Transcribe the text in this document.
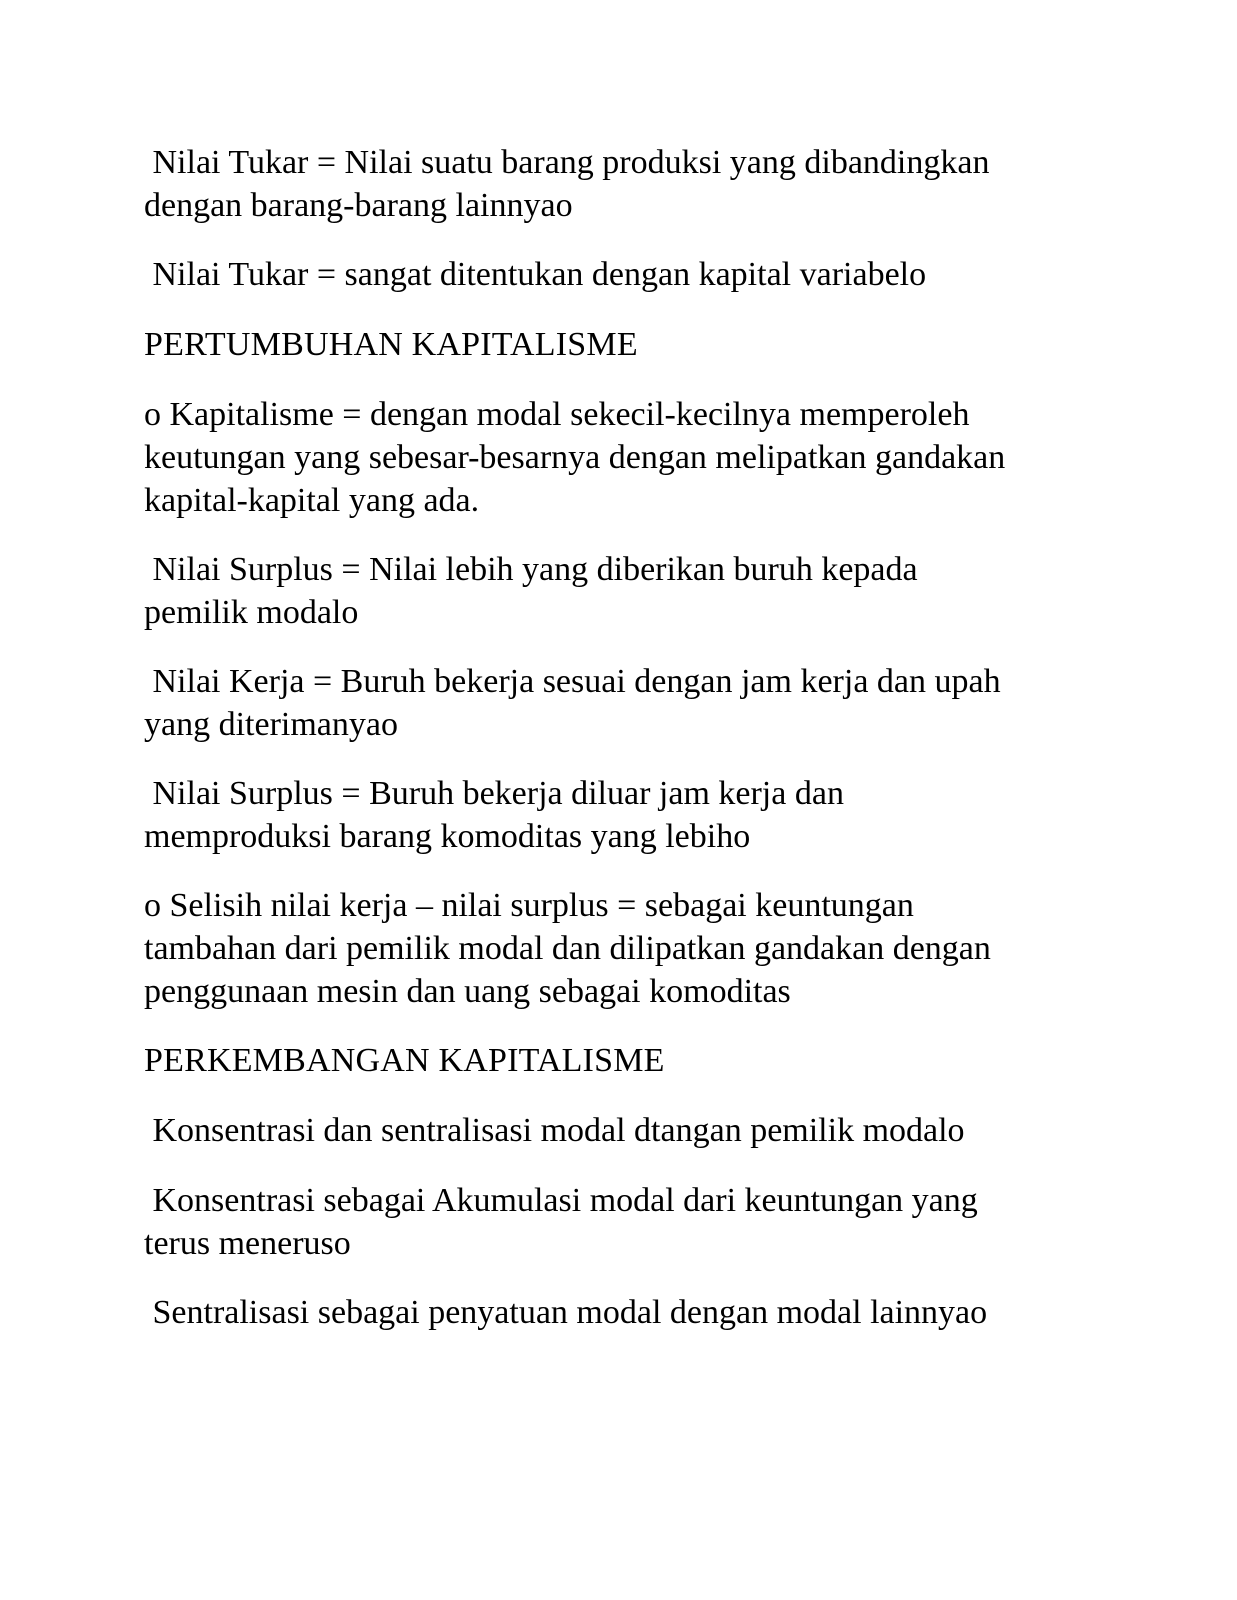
Nilai Tukar = Nilai suatu barang produksi yang dibandingkan
dengan barang-barang lainnyao

Nilai Tukar = sangat ditentukan dengan kapital variabelo

PERTUMBUHAN KAPITALISME

o Kapitalisme = dengan modal sekecil-kecilnya memperoleh
keutungan yang sebesar-besarnya dengan melipatkan gandakan
kapital-kapital yang ada.

Nilai Surplus = Nilai lebih yang diberikan buruh kepada
pemilik modalo

Nilai Kerja = Buruh bekerja sesuai dengan jam kerja dan upah
yang diterimanyao

Nilai Surplus = Buruh bekerja diluar jam kerja dan
memproduksi barang komoditas yang lebiho

o Selisih nilai kerja – nilai surplus = sebagai keuntungan
tambahan dari pemilik modal dan dilipatkan gandakan dengan
penggunaan mesin dan uang sebagai komoditas

PERKEMBANGAN KAPITALISME

Konsentrasi dan sentralisasi modal dtangan pemilik modalo

Konsentrasi sebagai Akumulasi modal dari keuntungan yang
terus meneruso

Sentralisasi sebagai penyatuan modal dengan modal lainnyao
